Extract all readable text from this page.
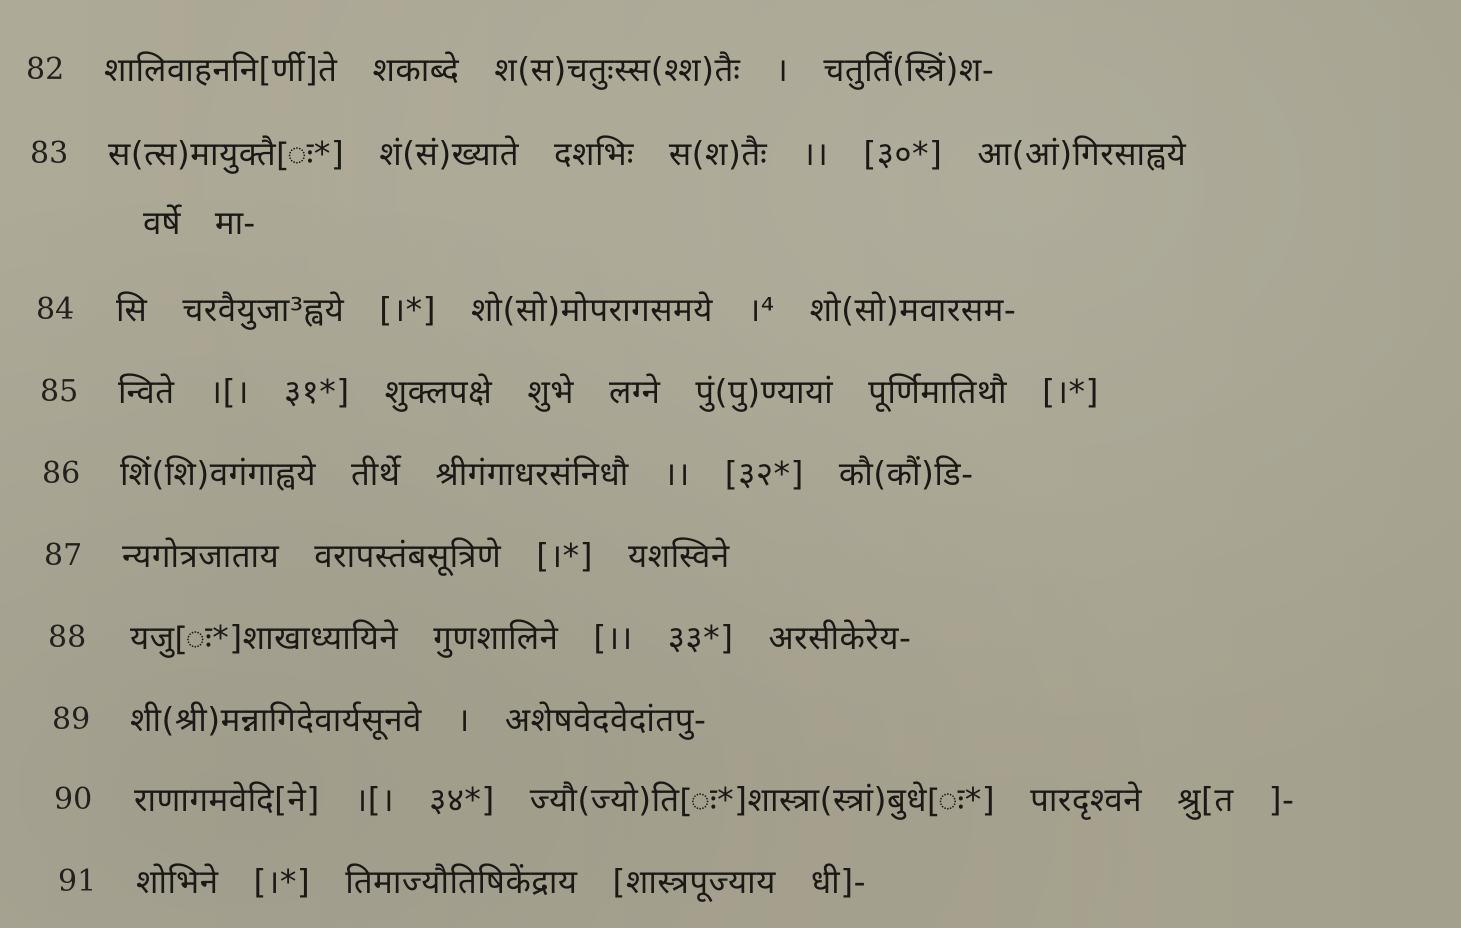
82 शालिवाहननि[र्णी]ते शकाब्दे श(स)चतुःस्स(श्श)तैः । चतुर्तिं(स्त्रिं)श-
83 स(त्स)मायुक्तै[ः*] शं(सं)ख्याते दशभिः स(श)तैः ।। [३०*] आ(आं)गिरसाह्वये
वर्षे मा-
84 सि चरवैयुजा³ह्वये [।*] शो(सो)मोपरागसमये ।⁴ शो(सो)मवारसम-
85 न्विते ।[। ३१*] शुक्लपक्षे शुभे लग्ने पुं(पु)ण्यायां पूर्णिमातिथौ [।*]
86 शिं(शि)वगंगाह्वये तीर्थे श्रीगंगाधरसंनिधौ ।। [३२*] कौ(कौं)डि-
87 न्यगोत्रजाताय वरापस्तंबसूत्रिणे [।*] यशस्विने
88 यजु[ः*]शाखाध्यायिने गुणशालिने [।। ३३*] अरसीकेरेय-
89 शी(श्री)मन्नागिदेवार्यसूनवे । अशेषवेदवेदांतपु-
90 राणागमवेदि[ने] ।[। ३४*] ज्यौ(ज्यो)ति[ः*]शास्त्रा(स्त्रां)बुधे[ः*] पारदृश्वने श्रु[त ]-
91 शोभिने [।*] तिमाज्यौतिषिकेंद्राय [शास्त्रपूज्याय धी]-
